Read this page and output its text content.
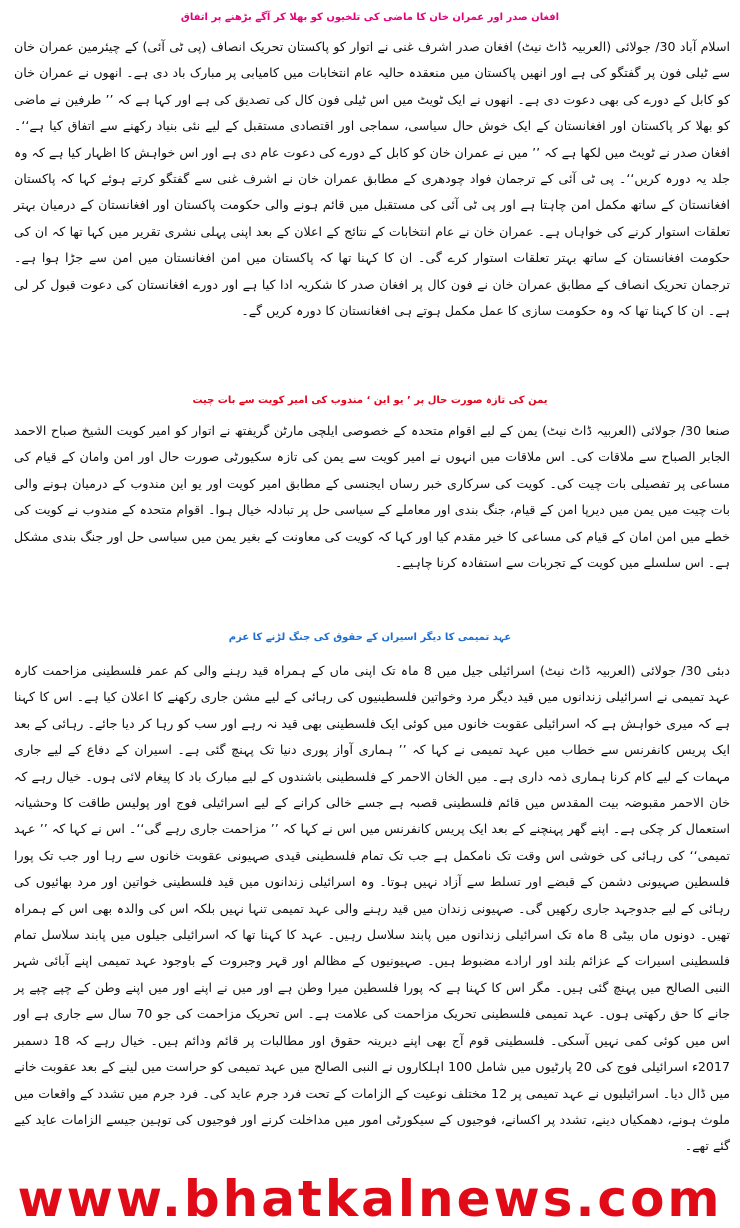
افغان صدر اور عمران خان کا ماضی کی تلخیوں کو بھلا کر آگے بڑھنے پر اتفاق

اسلام آباد 30/ جولائی (العربیہ ڈاٹ نیٹ) افغان صدر اشرف غنی نے اتوار کو پاکستان تحریک انصاف (پی ٹی آئی) کے چیئرمین عمران خان سے ٹیلی فون پر گفتگو کی ہے اور انھیں پاکستان میں منعقدہ حالیہ عام انتخابات میں کامیابی پر مبارک باد دی ہے۔ انھوں نے عمران خان کو کابل کے دورے کی بھی دعوت دی ہے۔ انھوں نے ایک ٹویٹ میں اس ٹیلی فون کال کی تصدیق کی ہے اور کہا ہے کہ ’’ طرفین نے ماضی کو بھلا کر پاکستان اور افغانستان کے ایک خوش حال سیاسی، سماجی اور اقتصادی مستقبل کے لیے نئی بنیاد رکھنے سے اتفاق کیا ہے‘‘۔ افغان صدر نے ٹویٹ میں لکھا ہے کہ ’’ میں نے عمران خان کو کابل کے دورے کی دعوت عام دی ہے اور اس خواہش کا اظہار کیا ہے کہ وہ جلد یہ دورہ کریں‘‘۔ پی ٹی آئی کے ترجمان فواد چودھری کے مطابق عمران خان نے اشرف غنی سے گفتگو کرتے ہوئے کہا کہ پاکستان افغانستان کے ساتھ مکمل امن چاہتا ہے اور پی ٹی آئی کی مستقبل میں قائم ہونے والی حکومت پاکستان اور افغانستان کے درمیان بہتر تعلقات استوار کرنے کی خواہاں ہے۔ عمران خان نے عام انتخابات کے نتائج کے اعلان کے بعد اپنی پہلی نشری تقریر میں کہا تھا کہ ان کی حکومت افغانستان کے ساتھ بہتر تعلقات استوار کرے گی۔ ان کا کہنا تھا کہ پاکستان میں امن افغانستان میں امن سے جڑا ہوا ہے۔ ترجمان تحریک انصاف کے مطابق عمران خان نے فون کال پر افغان صدر کا شکریہ ادا کیا ہے اور دورے افغانستان کی دعوت قبول کر لی ہے۔ ان کا کہنا تھا کہ وہ حکومت سازی کا عمل مکمل ہوتے ہی افغانستان کا دورہ کریں گے۔

یمن کی تازہ صورت حال پر ’ یو این ‘ مندوب کی امیر کویت سے بات چیت

صنعا 30/ جولائی (العربیہ ڈاٹ نیٹ) یمن کے لیے اقوام متحدہ کے خصوصی ایلچی مارٹن گریفتھ نے اتوار کو امیر کویت الشیخ صباح الاحمد الجابر الصباح سے ملاقات کی۔ اس ملاقات میں انہوں نے امیر کویت سے یمن کی تازہ سکیورٹی صورت حال اور امن وامان کے قیام کی مساعی پر تفصیلی بات چیت کی۔ کویت کی سرکاری خبر رساں ایجنسی کے مطابق امیر کویت اور یو این مندوب کے درمیان ہونے والی بات چیت میں یمن میں دیرپا امن کے قیام، جنگ بندی اور معاملے کے سیاسی حل پر تبادلہ خیال ہوا۔ اقوام متحدہ کے مندوب نے کویت کی خطے میں امن امان کے قیام کی مساعی کا خیر مقدم کیا اور کہا کہ کویت کی معاونت کے بغیر یمن میں سیاسی حل اور جنگ بندی مشکل ہے۔ اس سلسلے میں کویت کے تجربات سے استفادہ کرنا چاہیے۔

عہد تمیمی کا دیگر اسیران کے حقوق کی جنگ لڑنے کا عزم

دبئی 30/ جولائی (العربیہ ڈاٹ نیٹ) اسرائیلی جیل میں 8 ماہ تک اپنی ماں کے ہمراہ قید رہنے والی کم عمر فلسطینی مزاحمت کارہ عہد تمیمی نے اسرائیلی زندانوں میں قید دیگر مرد وخواتین فلسطینیوں کی رہائی کے لیے مشن جاری رکھنے کا اعلان کیا ہے۔ اس کا کہنا ہے کہ میری خواہش ہے کہ اسرائیلی عقوبت خانوں میں کوئی ایک فلسطینی بھی قید نہ رہے اور سب کو رہا کر دیا جائے۔ رہائی کے بعد ایک پریس کانفرنس سے خطاب میں عہد تمیمی نے کہا کہ ’’ ہماری آواز پوری دنیا تک پہنچ گئی ہے۔ اسیران کے دفاع کے لیے جاری مہمات کے لیے کام کرنا ہماری ذمہ داری ہے۔ میں الخان الاحمر کے فلسطینی باشندوں کے لیے مبارک باد کا پیغام لائی ہوں۔ خیال رہے کہ خان الاحمر مقبوضہ بیت المقدس میں قائم فلسطینی قصبہ ہے جسے خالی کرانے کے لیے اسرائیلی فوج اور پولیس طاقت کا وحشیانہ استعمال کر چکی ہے۔ اپنے گھر پہنچنے کے بعد ایک پریس کانفرنس میں اس نے کہا کہ ’’ مزاحمت جاری رہے گی‘‘۔ اس نے کہا کہ ’’ عہد تمیمی‘‘ کی رہائی کی خوشی اس وقت تک نامکمل ہے جب تک تمام فلسطینی قیدی صہیونی عقوبت خانوں سے رہا اور جب تک پورا فلسطین صہیونی دشمن کے قبضے اور تسلط سے آزاد نہیں ہوتا۔ وہ اسرائیلی زندانوں میں قید فلسطینی خواتین اور مرد بھائیوں کی رہائی کے لیے جدوجہد جاری رکھیں گی۔ صہیونی زندان میں قید رہنے والی عہد تمیمی تنہا نہیں بلکہ اس کی والدہ بھی اس کے ہمراہ تھیں۔ دونوں ماں بیٹی 8 ماہ تک اسرائیلی زندانوں میں پابند سلاسل رہیں۔ عہد کا کہنا تھا کہ اسرائیلی جیلوں میں پابند سلاسل تمام فلسطینی اسیرات کے عزائم بلند اور ارادے مضبوط ہیں۔ صہیونیوں کے مظالم اور قہر وجبروت کے باوجود عہد تمیمی اپنے آبائی شہر النبی الصالح میں پہنچ گئی ہیں۔ مگر اس کا کہنا ہے کہ پورا فلسطین میرا وطن ہے اور میں نے اپنے اور میں اپنے وطن کے چپے چپے پر جانے کا حق رکھتی ہوں۔ عہد تمیمی فلسطینی تحریک مزاحمت کی علامت ہے۔ اس تحریک مزاحمت کی جو 70 سال سے جاری ہے اور اس میں کوئی کمی نہیں آسکی۔ فلسطینی قوم آج بھی اپنے دیرینہ حقوق اور مطالبات پر قائم ودائم ہیں۔ خیال رہے کہ 18 دسمبر 2017ء اسرائیلی فوج کی 20 پارٹیوں میں شامل 100 اہلکاروں نے النبی الصالح میں عہد تمیمی کو حراست میں لینے کے بعد عقوبت خانے میں ڈال دیا۔ اسرائیلیوں نے عہد تمیمی پر 12 مختلف نوعیت کے الزامات کے تحت فرد جرم عاید کی۔ فرد جرم میں تشدد کے واقعات میں ملوث ہونے، دھمکیاں دینے، تشدد پر اکسانے، فوجیوں کے سیکورٹی امور میں مداخلت کرنے اور فوجیوں کی توہین جیسے الزامات عاید کیے گئے تھے۔

www.bhatkalnews.com
